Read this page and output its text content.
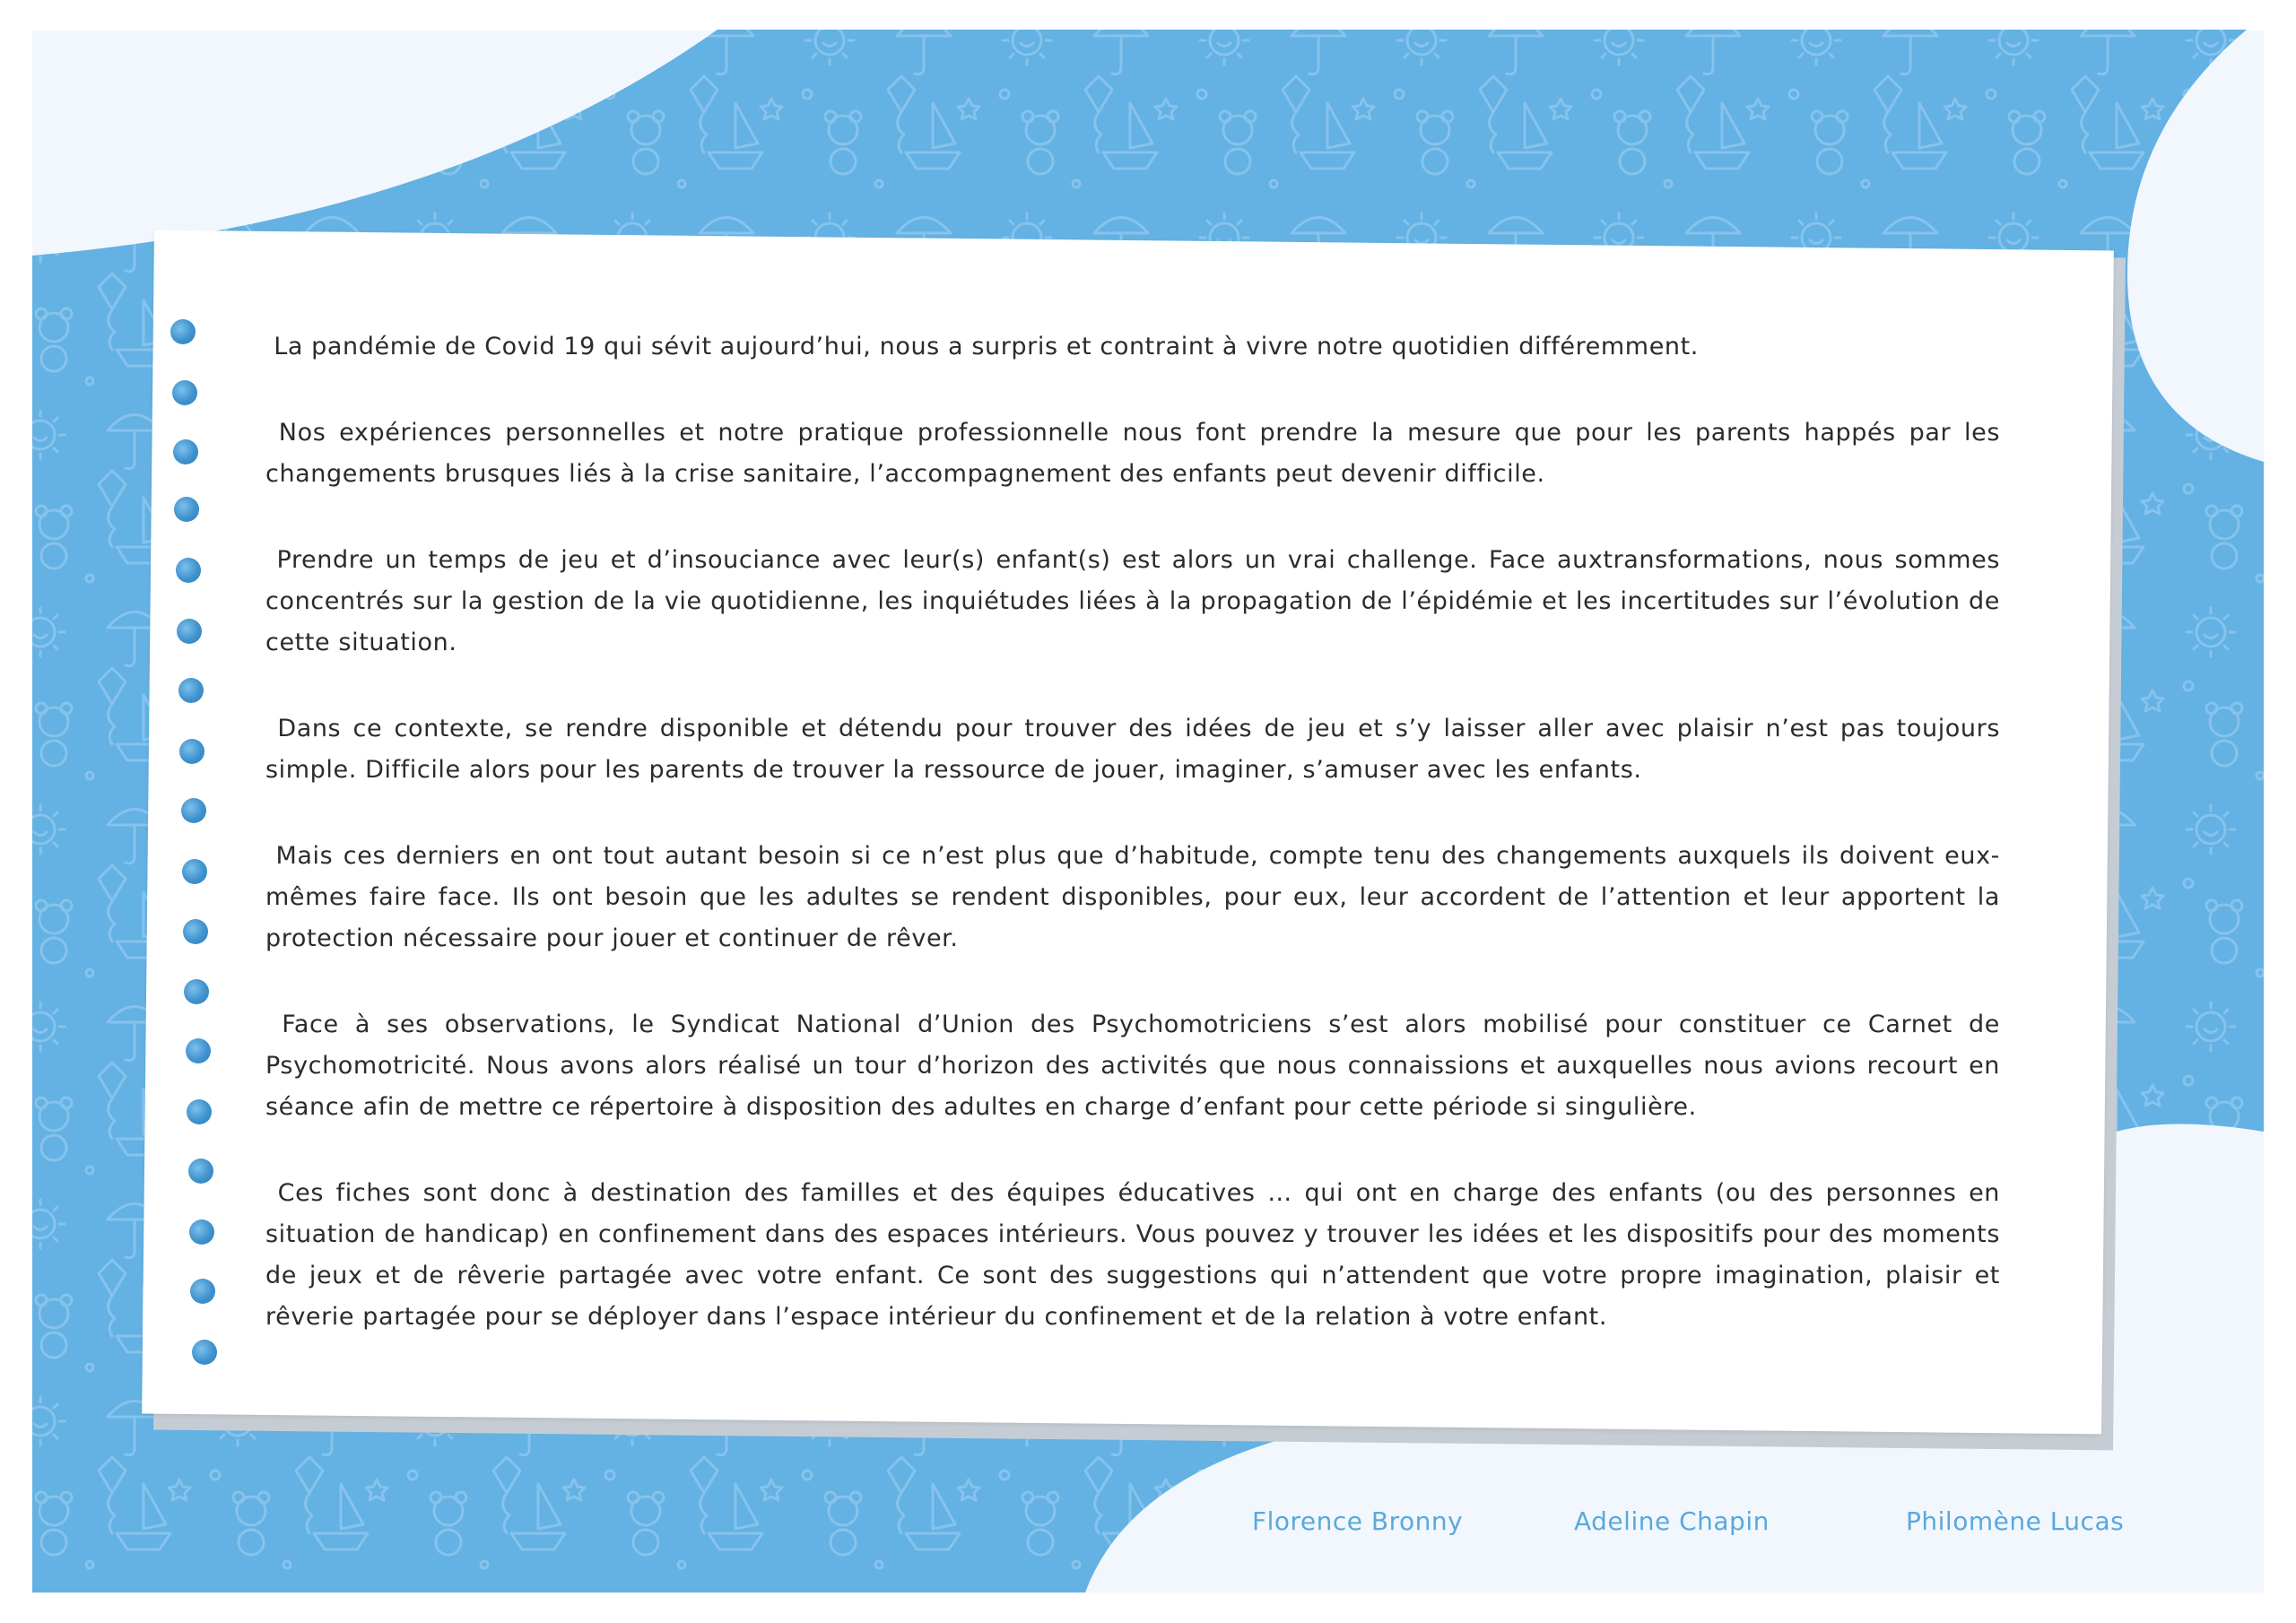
La pandémie de Covid 19 qui sévit aujourd’hui, nous a surpris et contraint à vivre notre quotidien différemment.

Nos expériences personnelles et notre pratique professionnelle nous font prendre la mesure que pour les parents happés par les changements brusques liés à la crise sanitaire, l’accompagnement des enfants peut devenir difficile.

Prendre un temps de jeu et d’insouciance avec leur(s) enfant(s) est alors un vrai challenge. Face auxtransformations, nous sommes concentrés sur la gestion de la vie quotidienne, les inquiétudes liées à la propagation de l’épidémie et les incertitudes sur l’évolution de cette situation.

Dans ce contexte, se rendre disponible et détendu pour trouver des idées de jeu et s’y laisser aller avec plaisir n’est pas toujours simple. Difficile alors pour les parents de trouver la ressource de jouer, imaginer, s’amuser avec les enfants.

Mais ces derniers en ont tout autant besoin si ce n’est plus que d’habitude, compte tenu des changements auxquels ils doivent eux-mêmes faire face. Ils ont besoin que les adultes se rendent disponibles, pour eux, leur accordent de l’attention et leur apportent la protection nécessaire pour jouer et continuer de rêver.

Face à ses observations, le Syndicat National d’Union des Psychomotriciens s’est alors mobilisé pour constituer ce Carnet de Psychomotricité. Nous avons alors réalisé un tour d’horizon des activités que nous connaissions et auxquelles nous avions recourt en séance afin de mettre ce répertoire à disposition des adultes en charge d’enfant pour cette période si singulière.

Ces fiches sont donc à destination des familles et des équipes éducatives … qui ont en charge des enfants (ou des personnes en situation de handicap) en confinement dans des espaces intérieurs. Vous pouvez y trouver les idées et les dispositifs pour des moments de jeux et de rêverie partagée avec votre enfant. Ce sont des suggestions qui n’attendent que votre propre imagination, plaisir et rêverie partagée pour se déployer dans l’espace intérieur du confinement et de la relation à votre enfant.

Florence Bronny	Adeline Chapin	Philomène Lucas
